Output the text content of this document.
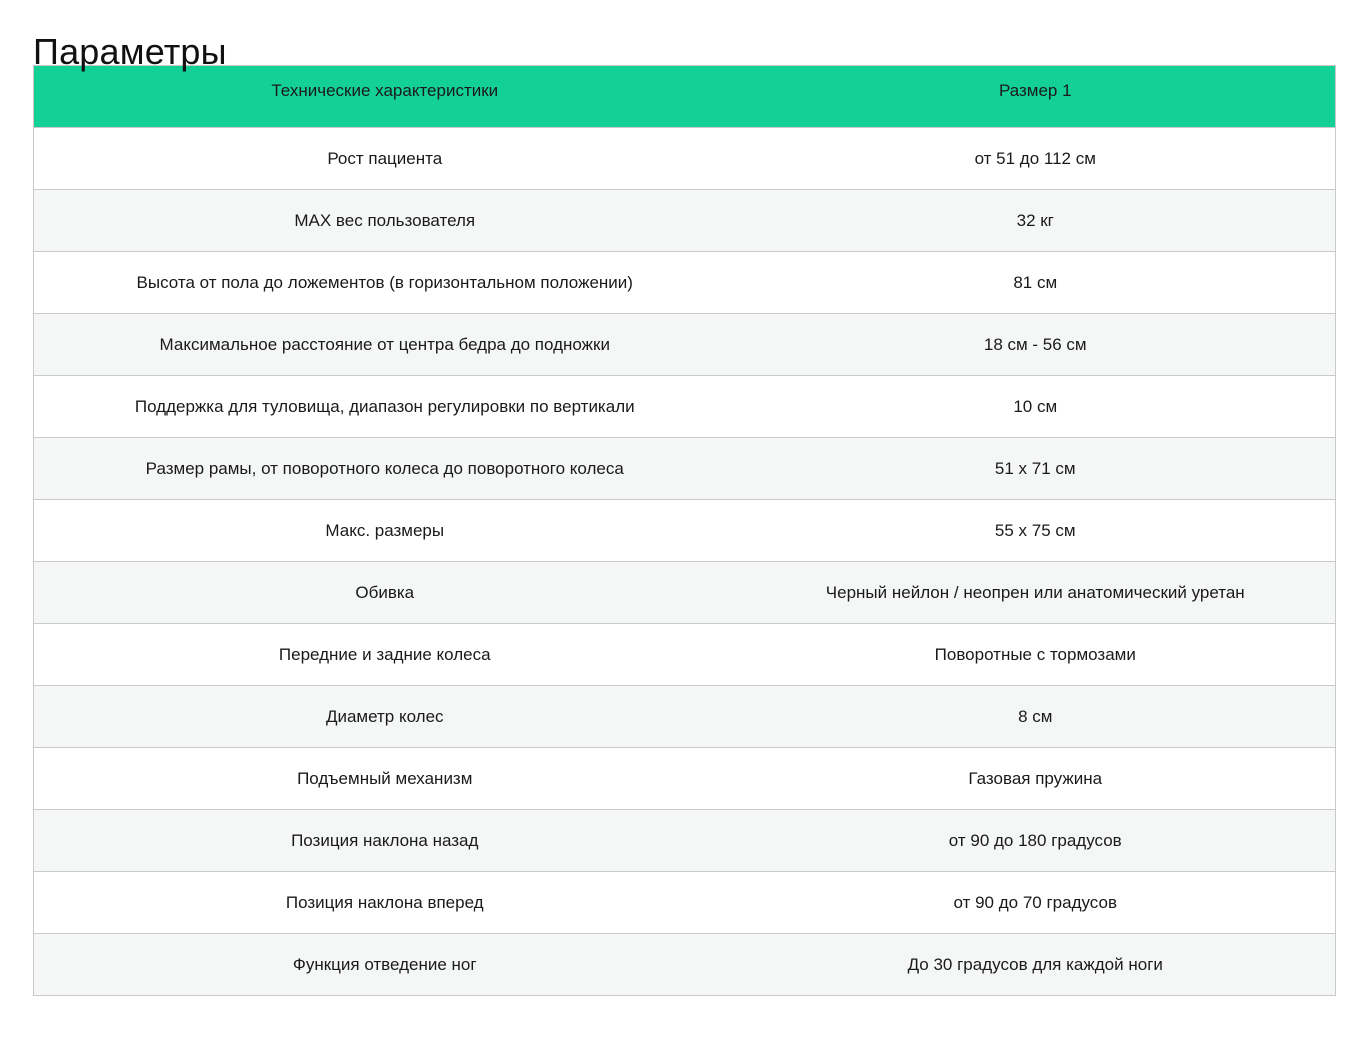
Параметры
Технические характеристики	Размер 1
Рост пациента	от 51 до 112 см
MAX вес пользователя	32 кг
Высота от пола до ложементов (в горизонтальном положении)	81 см
Максимальное расстояние от центра бедра до подножки	18 см - 56 см
Поддержка для туловища, диапазон регулировки по вертикали	10 см
Размер рамы, от поворотного колеса до поворотного колеса	51 x 71 см
Макс. размеры	55 x 75 см
Обивка	Черный нейлон / неопрен или анатомический уретан
Передние и задние колеса	Поворотные с тормозами
Диаметр колес	8 см
Подъемный механизм	Газовая пружина
Позиция наклона назад	от 90 до 180 градусов
Позиция наклона вперед	от 90 до 70 градусов
Функция отведение ног	До 30 градусов для каждой ноги
